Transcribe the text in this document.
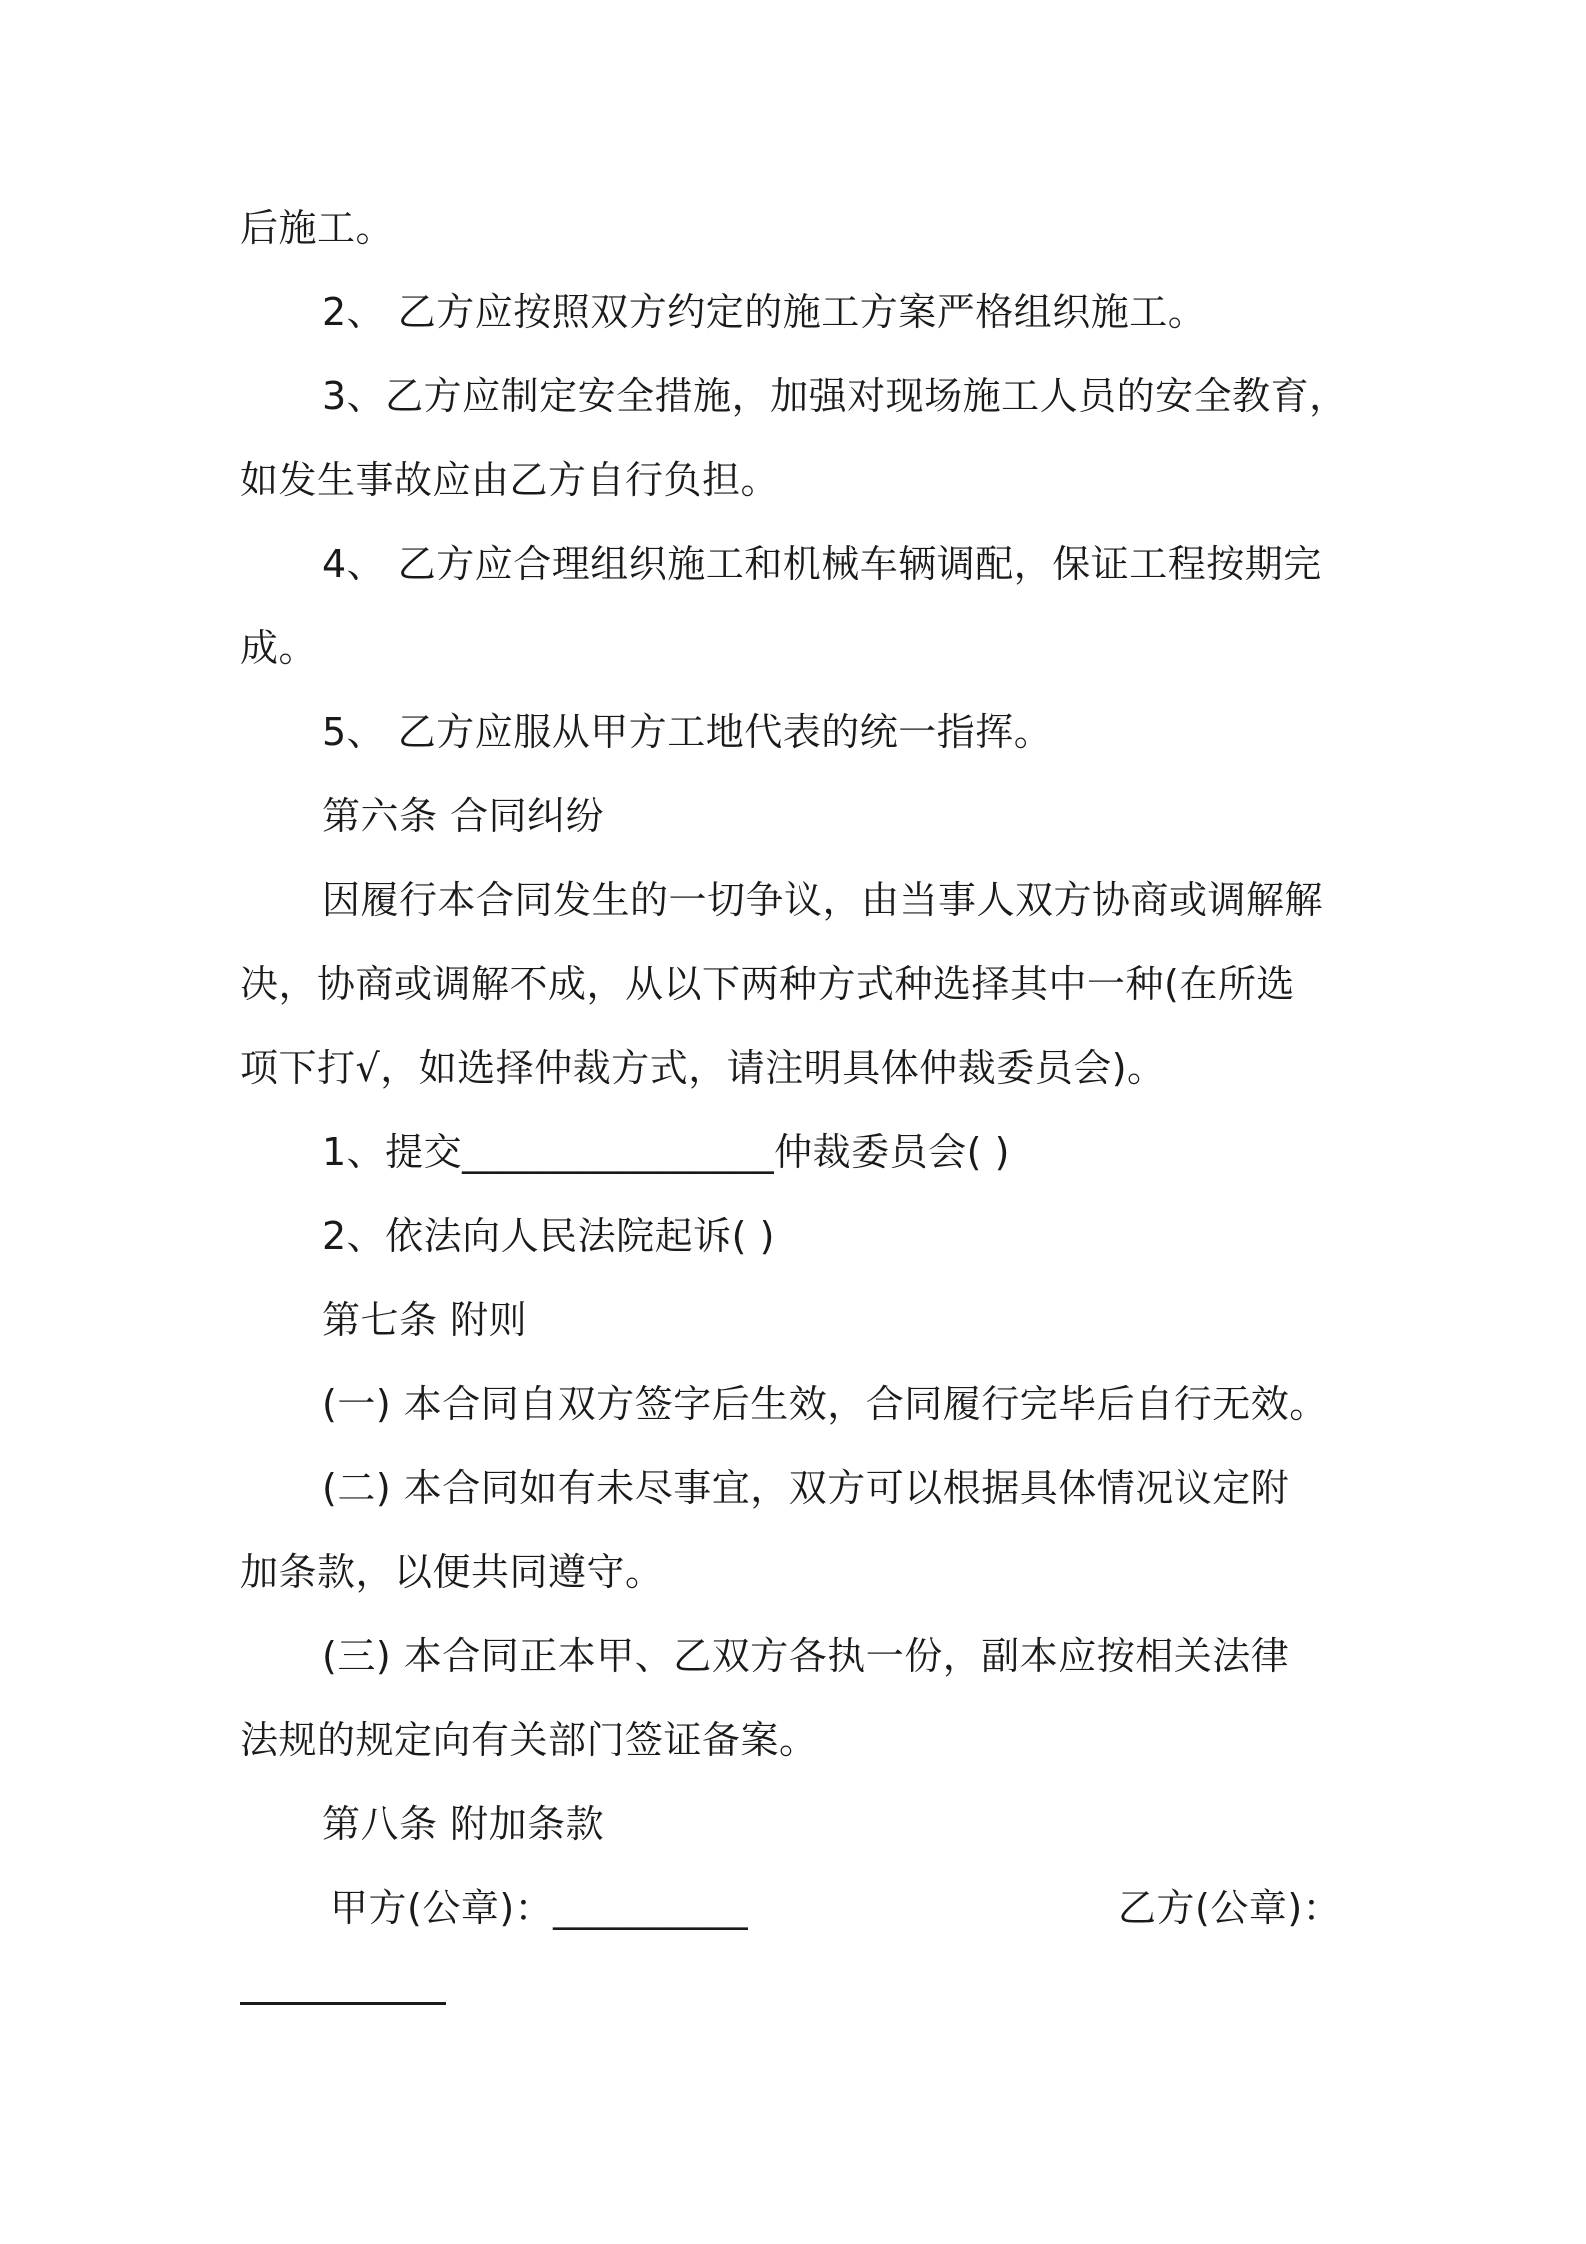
后施工。
2、 乙方应按照双方约定的施工方案严格组织施工。
3、乙方应制定安全措施，加强对现场施工人员的安全教育，
如发生事故应由乙方自行负担。
4、 乙方应合理组织施工和机械车辆调配，保证工程按期完
成。
5、 乙方应服从甲方工地代表的统一指挥。
第六条 合同纠纷
因履行本合同发生的一切争议，由当事人双方协商或调解解
决，协商或调解不成，从以下两种方式种选择其中一种(在所选
项下打√，如选择仲裁方式，请注明具体仲裁委员会)。
1、提交________________仲裁委员会( )
2、依法向人民法院起诉( )
第七条 附则
(一) 本合同自双方签字后生效，合同履行完毕后自行无效。
(二) 本合同如有未尽事宜，双方可以根据具体情况议定附
加条款，以便共同遵守。
(三) 本合同正本甲、乙双方各执一份，副本应按相关法律
法规的规定向有关部门签证备案。
第八条 附加条款
甲方(公章)：__________	乙方(公章)：
